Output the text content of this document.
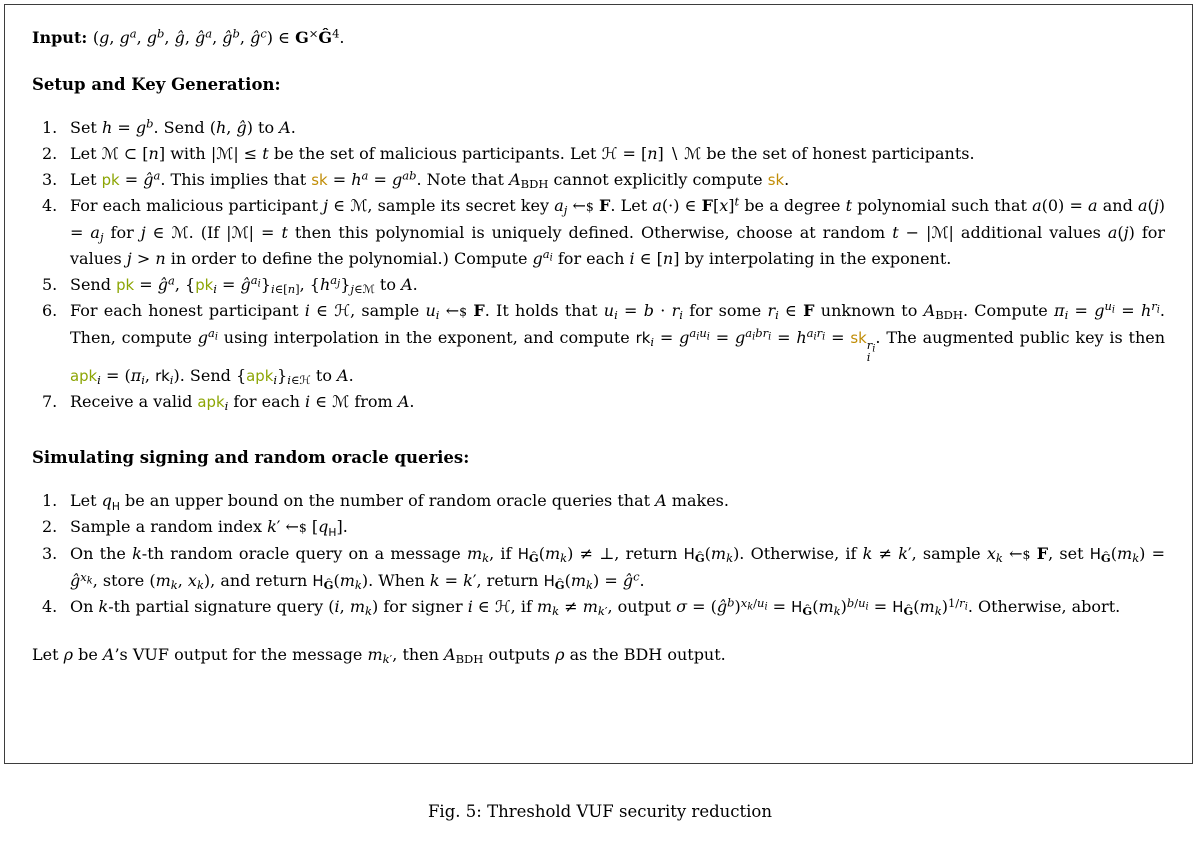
Input: (g, $g^a$, $g^b$, ĝ, $ĝ^a$, $ĝ^b$, $ĝ^c$) ∈ $G^\times Ĝ^4$.

Setup and Key Generation:

1. Set $h = g^b$. Send (h, ĝ) to A.
2. Let ℳ ⊂ [n] with |ℳ| ≤ t be the set of malicious participants. Let ℋ = [n] ∖ ℳ be the set of honest participants.
3. Let pk = $ĝ^a$. This implies that sk = $h^a = g^{ab}$. Note that $A_{BDH}$ cannot explicitly compute sk.
4. For each malicious participant j ∈ ℳ, sample its secret key $a_j$ ←$ F. Let a(·) ∈ $F[x]^t$ be a degree t polynomial such that a(0) = a and $a(j) = a_j$ for j ∈ ℳ. (If |ℳ| = t then this polynomial is uniquely defined. Otherwise, choose at random t − |ℳ| additional values a(j) for values j > n in order to define the polynomial.) Compute $g^{a_i}$ for each i ∈ [n] by interpolating in the exponent.
5. Send pk = $ĝ^a$, {$pk_i$ = $ĝ^{a_i}\}_{i\in[n]}$, $\{h^{a_j}\}_{j\in ℳ}$ to A.
6. For each honest participant i ∈ ℋ, sample $u_i$ ←$ F. It holds that $u_i = b \cdot r_i$ for some $r_i$ ∈ F unknown to $A_{BDH}$. Compute $\pi_i = g^{u_i} = h^{r_i}$. Then, compute $g^{a_i}$ using interpolation in the exponent, and compute $rk_i = g^{a_iu_i} = g^{a_ibr_i} = h^{a_ir_i}$ = sk $r_i$
i
. The augmented public key is then $apk_i = (\pi_i$, $rk_i$). Send $\{apk_i\}_{i\in ℋ}$ to A.
7. Receive a valid apk$_i$ for each i ∈ ℳ from A.

Simulating signing and random oracle queries:

1. Let $q_H$ be an upper bound on the number of random oracle queries that A makes.
2. Sample a random index k′ ←$ $[q_H]$.
3. On the k-th random oracle query on a message $m_k$, if $H_Ĝ(m_k)$ ≠ ⊥, return $H_Ĝ(m_k)$. Otherwise, if k ≠ k′, sample $x_k$ ←$ F, set $H_Ĝ(m_k)$ = $ĝ^{x_k}$, store ($m_k$, $x_k$), and return $H_Ĝ(m_k)$. When k = k′, return $H_Ĝ(m_k)$ = $ĝ^c$.
4. On k-th partial signature query (i, $m_k$) for signer i ∈ ℋ, if $m_k \ne m_{k'}$, output $\sigma = (ĝ^b)^{x_k/u_i} = H_Ĝ(m_k)^{b/u_i} = H_Ĝ(m_k)^{1/r_i}$. Otherwise, abort.

Let ρ be A’s VUF output for the message $m_{k'}$, then $A_{BDH}$ outputs ρ as the BDH output.

Fig. 5: Threshold VUF security reduction
